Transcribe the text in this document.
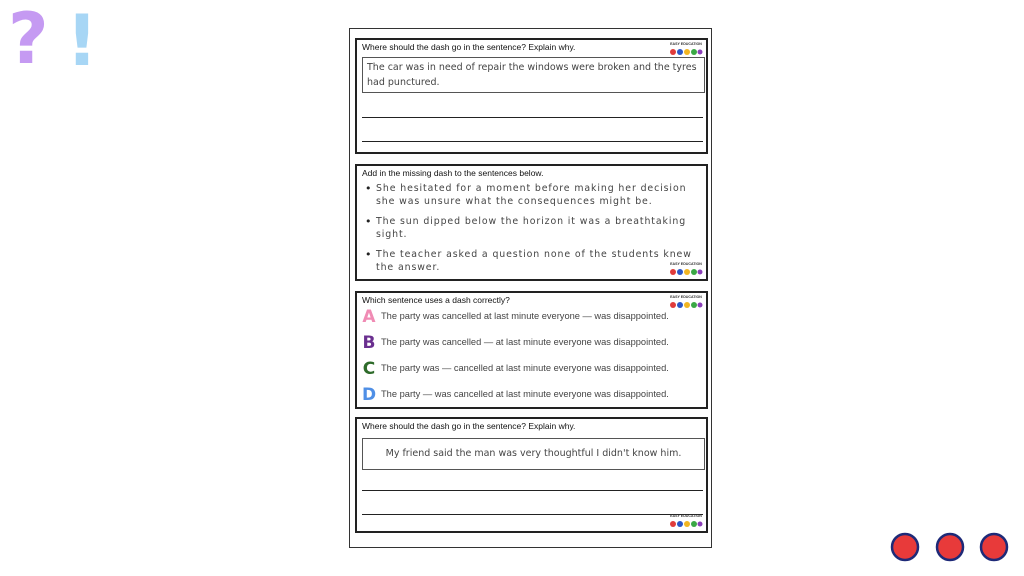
? !	Where should the dash go in the sentence? Explain why.	EASY EDUCATION
The car was in need of repair the windows were broken and the tyres had punctured.
Add in the missing dash to the sentences below.
• She hesitated for a moment before making her decision she was unsure what the consequences might be.
• The sun dipped below the horizon it was a breathtaking sight.
• The teacher asked a question none of the students knew the answer.	EASY EDUCATION
Which sentence uses a dash correctly?	EASY EDUCATION
A The party was cancelled at last minute everyone — was disappointed.
B The party was cancelled — at last minute everyone was disappointed.
C The party was — cancelled at last minute everyone was disappointed.
D The party — was cancelled at last minute everyone was disappointed.
Where should the dash go in the sentence? Explain why.
My friend said the man was very thoughtful I didn't know him.
EASY EDUCATION
